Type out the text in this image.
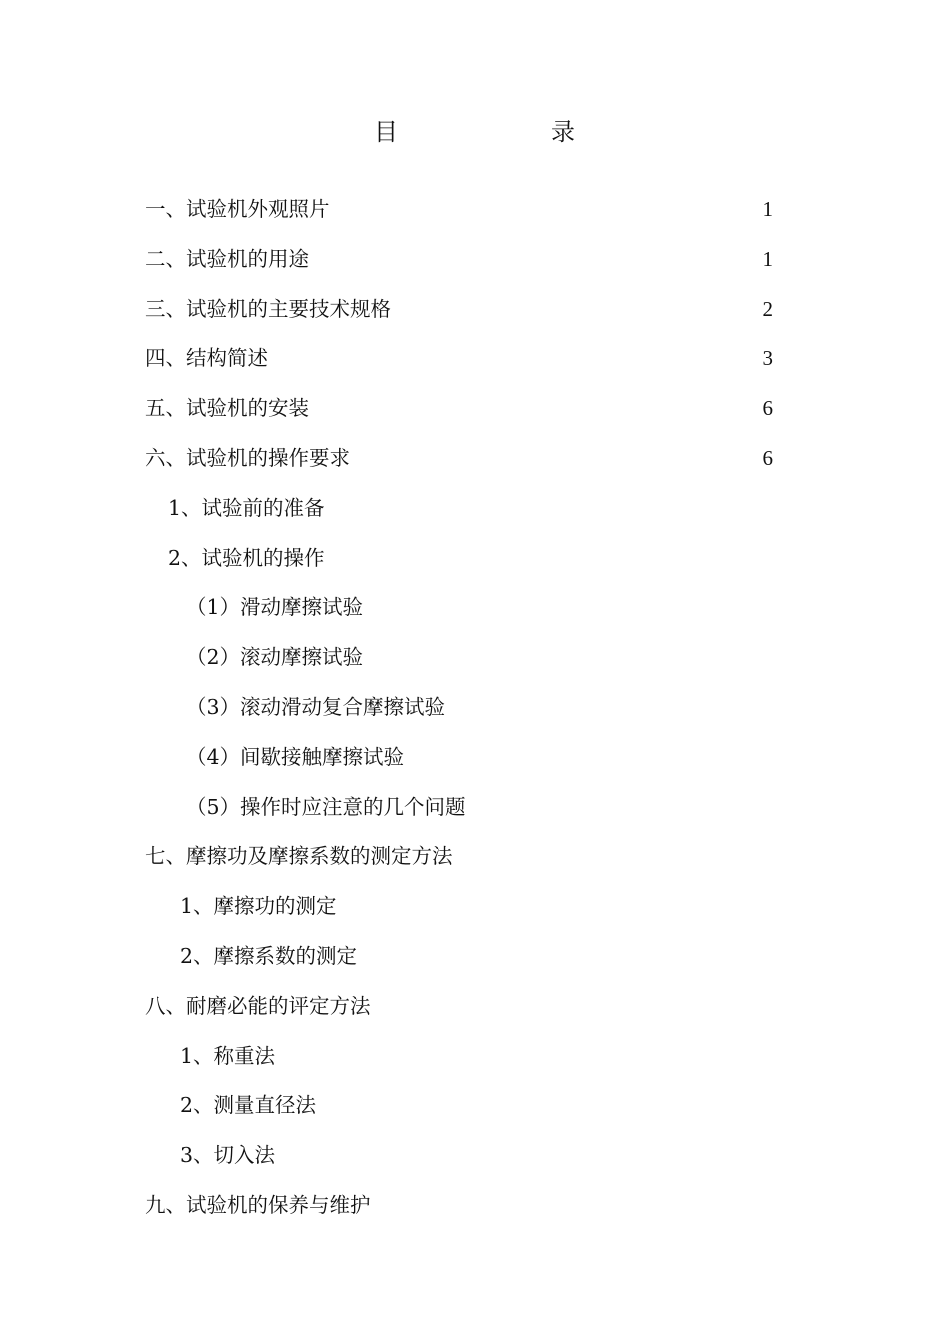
目	录
一、试验机外观照片	1
二、试验机的用途	1
三、试验机的主要技术规格	2
四、结构简述	3
五、试验机的安装	6
六、试验机的操作要求	6
1、试验前的准备
2、试验机的操作
（1）滑动摩擦试验
（2）滚动摩擦试验
（3）滚动滑动复合摩擦试验
（4）间歇接触摩擦试验
（5）操作时应注意的几个问题
七、摩擦功及摩擦系数的测定方法
1、摩擦功的测定
2、摩擦系数的测定
八、耐磨必能的评定方法
1、称重法
2、测量直径法
3、切入法
九、试验机的保养与维护
